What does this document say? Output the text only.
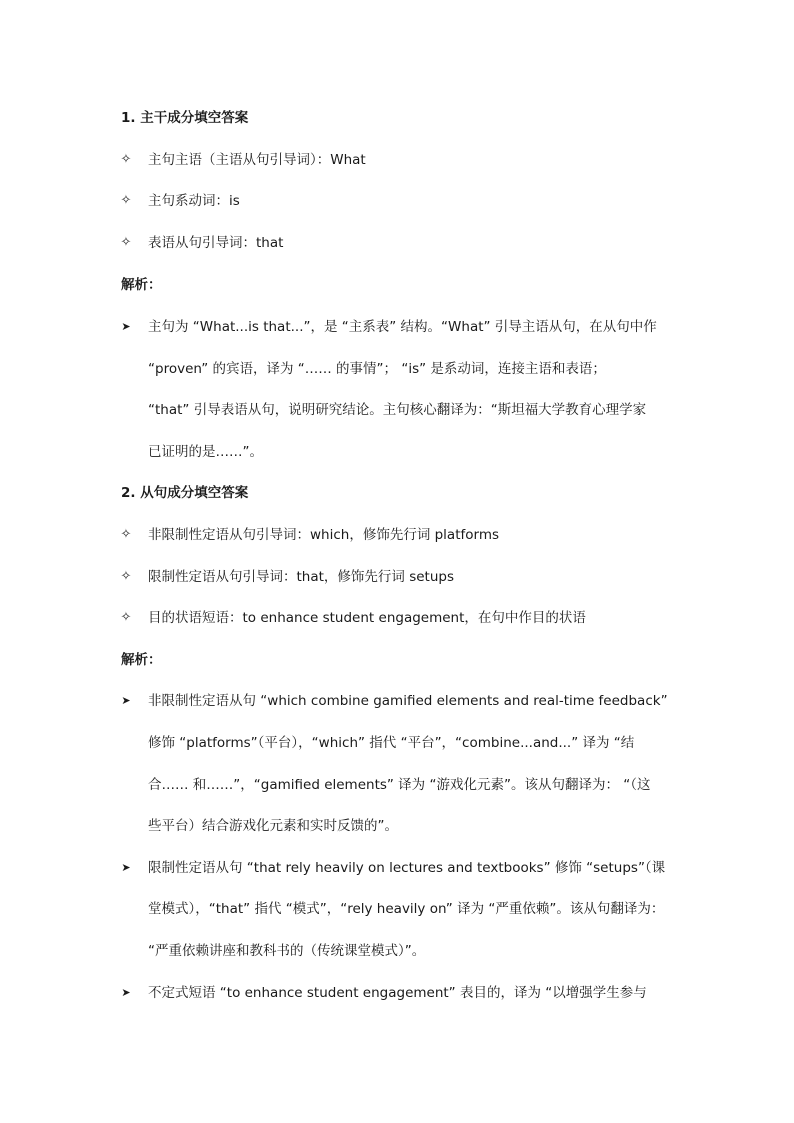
1. 主干成分填空答案
✧ 主句主语（主语从句引导词）：What
✧ 主句系动词：is
✧ 表语从句引导词：that
解析：
➤ 主句为 “What...is that...”，是 “主系表” 结构。“What” 引导主语从句，在从句中作
“proven” 的宾语，译为 “…… 的事情”； “is” 是系动词，连接主语和表语；
“that” 引导表语从句，说明研究结论。主句核心翻译为：“斯坦福大学教育心理学家
已证明的是……”。
2. 从句成分填空答案
✧ 非限制性定语从句引导词：which，修饰先行词 platforms
✧ 限制性定语从句引导词：that，修饰先行词 setups
✧ 目的状语短语：to enhance student engagement，在句中作目的状语
解析：
➤ 非限制性定语从句 “which combine gamified elements and real-time feedback”
修饰 “platforms”（平台），“which” 指代 “平台”，“combine...and...” 译为 “结
合…… 和……”，“gamified elements” 译为 “游戏化元素”。该从句翻译为： “（这
些平台）结合游戏化元素和实时反馈的”。
➤ 限制性定语从句 “that rely heavily on lectures and textbooks” 修饰 “setups”（课
堂模式），“that” 指代 “模式”，“rely heavily on” 译为 “严重依赖”。该从句翻译为：
“严重依赖讲座和教科书的（传统课堂模式）”。
➤ 不定式短语 “to enhance student engagement” 表目的，译为 “以增强学生参与
